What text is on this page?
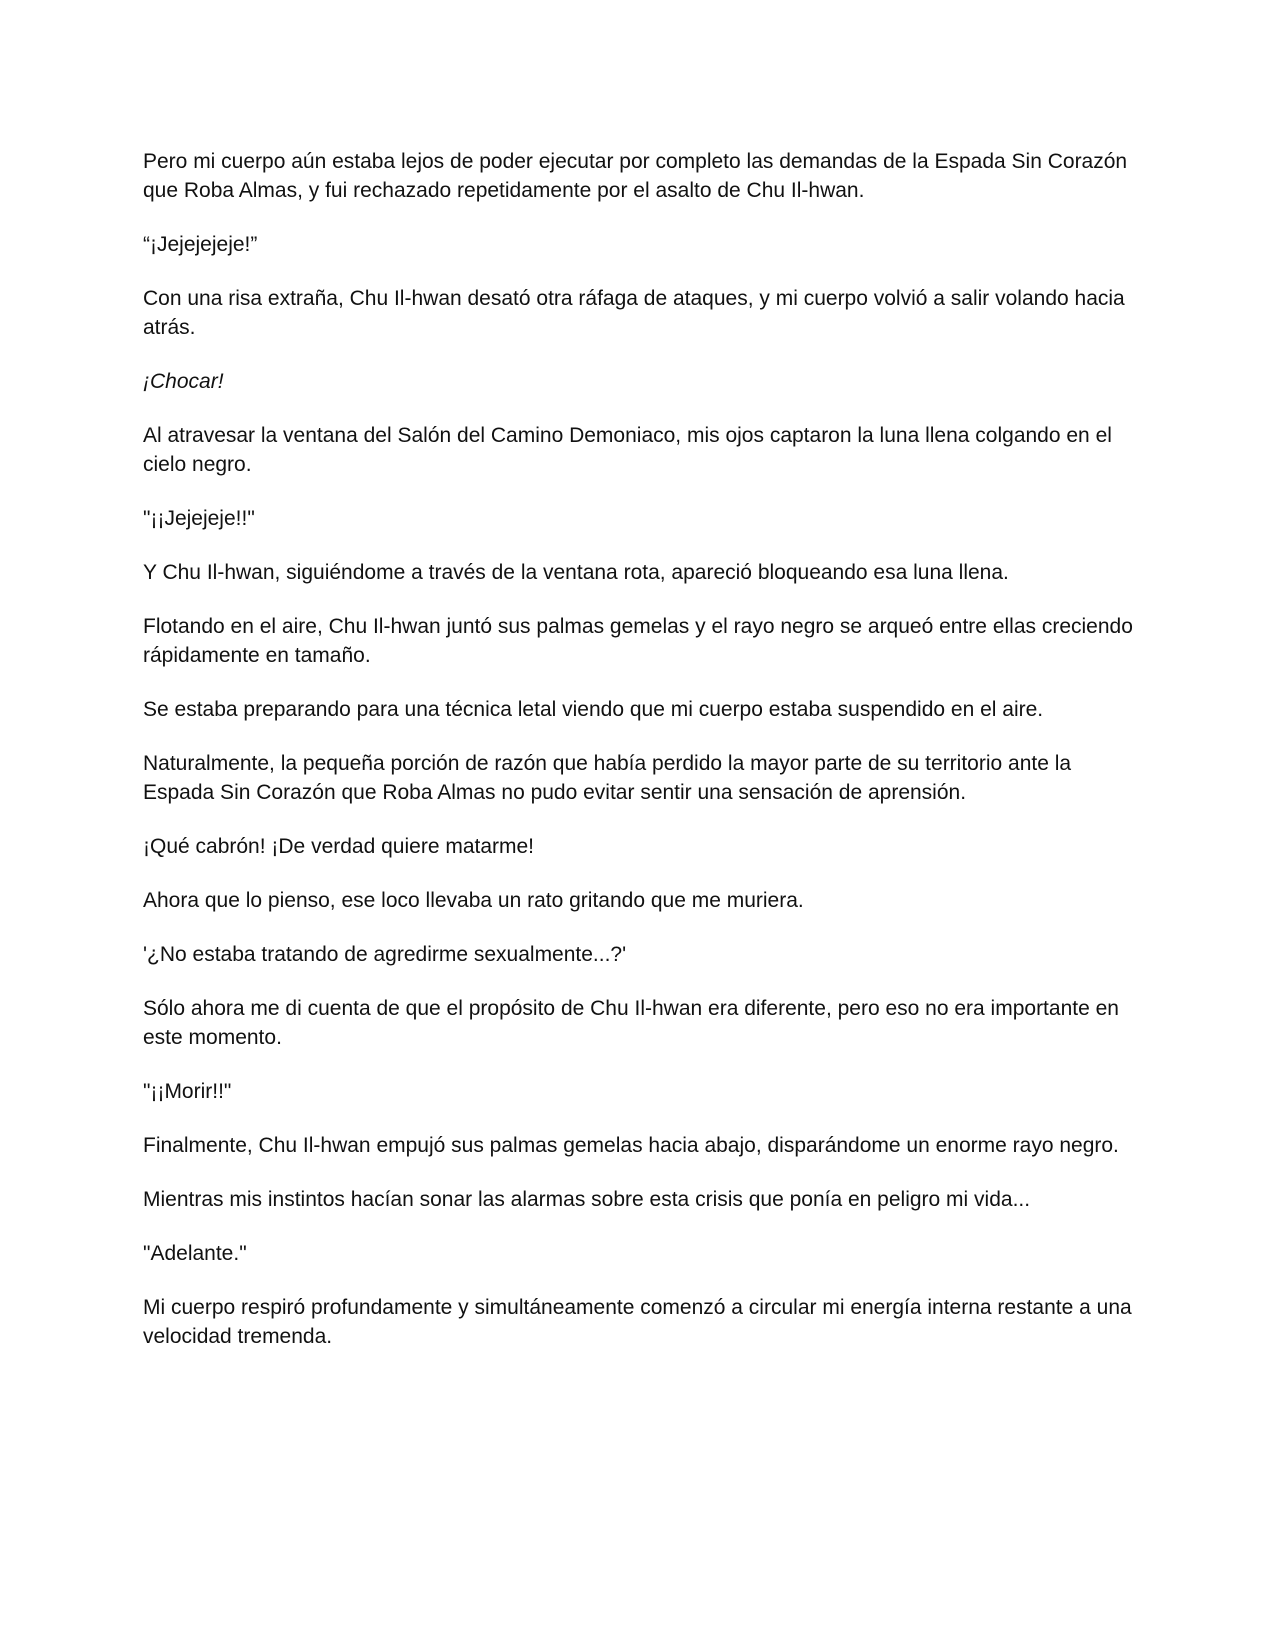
Pero mi cuerpo aún estaba lejos de poder ejecutar por completo las demandas de la Espada Sin Corazón que Roba Almas, y fui rechazado repetidamente por el asalto de Chu Il-hwan.

“¡Jejejejeje!”

Con una risa extraña, Chu Il-hwan desató otra ráfaga de ataques, y mi cuerpo volvió a salir volando hacia atrás.

¡Chocar!

Al atravesar la ventana del Salón del Camino Demoniaco, mis ojos captaron la luna llena colgando en el cielo negro.

"¡¡Jejejeje!!"

Y Chu Il-hwan, siguiéndome a través de la ventana rota, apareció bloqueando esa luna llena.

Flotando en el aire, Chu Il-hwan juntó sus palmas gemelas y el rayo negro se arqueó entre ellas creciendo rápidamente en tamaño.

Se estaba preparando para una técnica letal viendo que mi cuerpo estaba suspendido en el aire.

Naturalmente, la pequeña porción de razón que había perdido la mayor parte de su territorio ante la Espada Sin Corazón que Roba Almas no pudo evitar sentir una sensación de aprensión.

¡Qué cabrón! ¡De verdad quiere matarme!

Ahora que lo pienso, ese loco llevaba un rato gritando que me muriera.

'¿No estaba tratando de agredirme sexualmente...?'

Sólo ahora me di cuenta de que el propósito de Chu Il-hwan era diferente, pero eso no era importante en este momento.

"¡¡Morir!!"

Finalmente, Chu Il-hwan empujó sus palmas gemelas hacia abajo, disparándome un enorme rayo negro.

Mientras mis instintos hacían sonar las alarmas sobre esta crisis que ponía en peligro mi vida...

"Adelante."

Mi cuerpo respiró profundamente y simultáneamente comenzó a circular mi energía interna restante a una velocidad tremenda.
